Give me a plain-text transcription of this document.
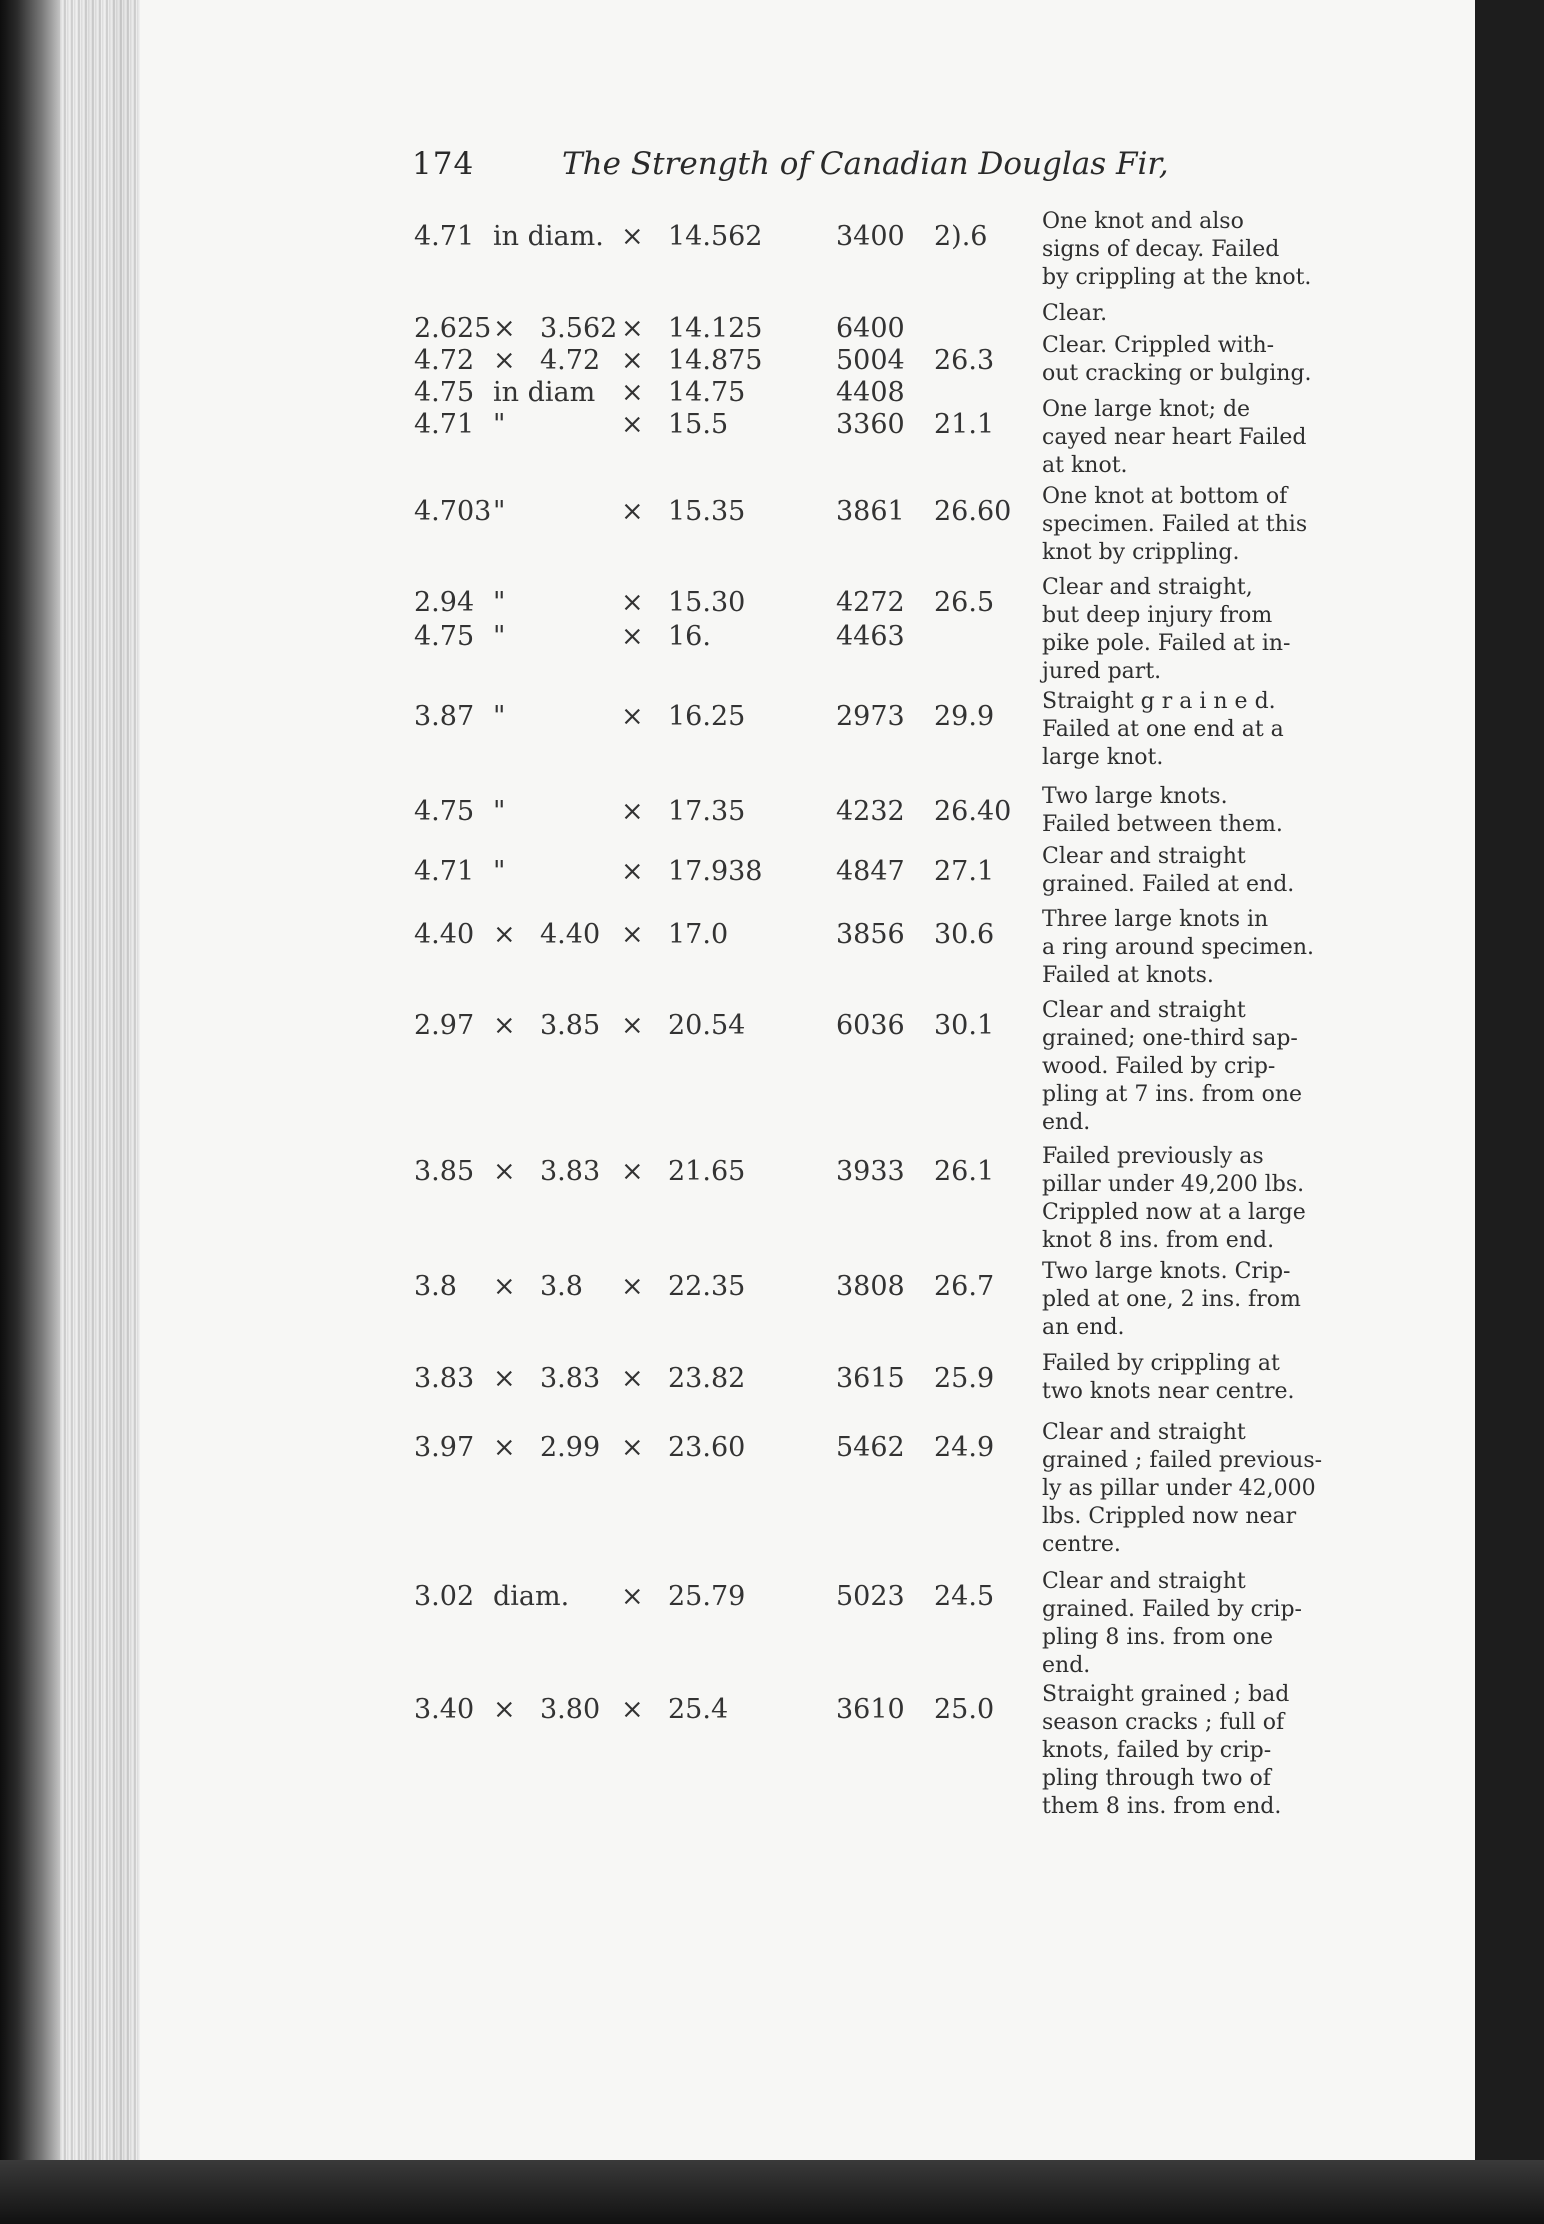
174	The Strength of Canadian Douglas Fir,
4.71 in diam. × 14.562	3400 2).6 One knot and also
signs of decay. Failed
by crippling at the knot.
2.625 × 3.562 × 14.125	6400	Clear.
4.72 × 4.72 × 14.875	5004 26.3 Clear. Crippled with-
out cracking or bulging.
4.75 in diam × 14.75	4408
4.71 "	× 15.5	3360 21.1 One large knot; de
cayed near heart Failed
at knot.
4.703 "	× 15.35	3861 26.60 One knot at bottom of
specimen. Failed at this
knot by crippling.
2.94 "	× 15.30	4272 26.5 Clear and straight,
but deep injury from
pike pole. Failed at in-
jured part.
4.75 "	× 16.	4463
3.87 "	× 16.25	2973 29.9 Straight g r a i n e d.
Failed at one end at a
large knot.
4.75 "	× 17.35	4232 26.40 Two large knots.
Failed between them.
4.71 "	× 17.938	4847 27.1 Clear and straight
grained. Failed at end.
4.40 × 4.40 × 17.0	3856 30.6 Three large knots in
a ring around specimen.
Failed at knots.
2.97 × 3.85 × 20.54	6036 30.1 Clear and straight
grained; one-third sap-
wood. Failed by crip-
pling at 7 ins. from one
end.
3.85 × 3.83 × 21.65	3933 26.1 Failed previously as
pillar under 49,200 lbs.
Crippled now at a large
knot 8 ins. from end.
3.8 × 3.8 × 22.35	3808 26.7 Two large knots. Crip-
pled at one, 2 ins. from
an end.
3.83 × 3.83 × 23.82	3615 25.9 Failed by crippling at
two knots near centre.
3.97 × 2.99 × 23.60	5462 24.9 Clear and straight
grained ; failed previous-
ly as pillar under 42,000
lbs. Crippled now near
centre.
3.02 diam. × 25.79	5023 24.5 Clear and straight
grained. Failed by crip-
pling 8 ins. from one
end.
3.40 × 3.80 × 25.4	3610 25.0 Straight grained ; bad
season cracks ; full of
knots, failed by crip-
pling through two of
them 8 ins. from end.
